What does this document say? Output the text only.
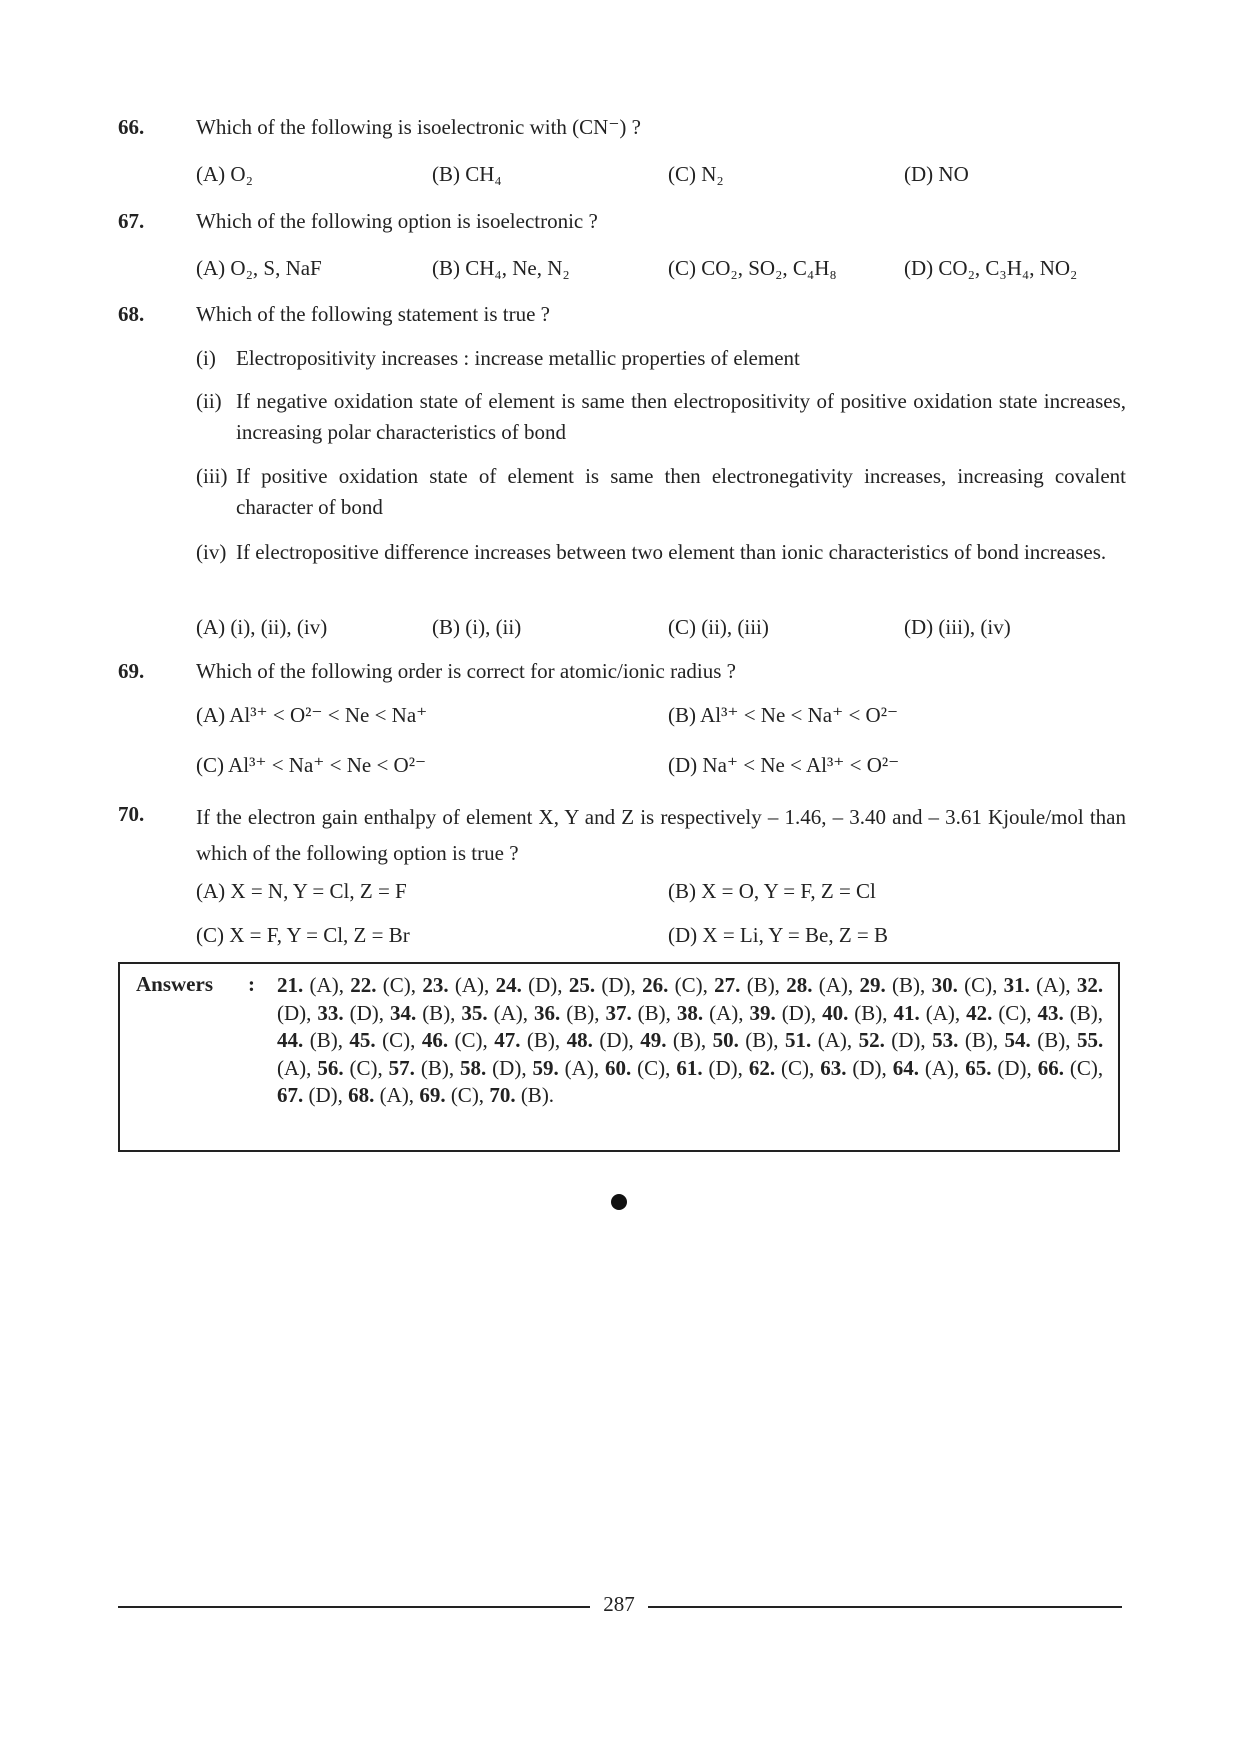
66.	Which of the following is isoelectronic with (CN⁻) ?
(A) O₂	(B) CH₄	(C) N₂	(D) NO
67.	Which of the following option is isoelectronic ?
(A) O₂, S, NaF	(B) CH₄, Ne, N₂	(C) CO₂, SO₂, C₄H₈	(D) CO₂, C₃H₄, NO₂
68.	Which of the following statement is true ?
(i) Electropositivity increases : increase metallic properties of element
(ii) If negative oxidation state of element is same then electropositivity of positive oxidation state increases, increasing polar characteristics of bond
(iii) If positive oxidation state of element is same then electronegativity increases, increasing covalent character of bond
(iv) If electropositive difference increases between two element than ionic characteristics of bond increases.
(A) (i), (ii), (iv)	(B) (i), (ii)	(C) (ii), (iii)	(D) (iii), (iv)
69.	Which of the following order is correct for atomic/ionic radius ?
(A) Al³⁺ < O²⁻ < Ne < Na⁺	(B) Al³⁺ < Ne < Na⁺ < O²⁻
(C) Al³⁺ < Na⁺ < Ne < O²⁻	(D) Na⁺ < Ne < Al³⁺ < O²⁻
70.	If the electron gain enthalpy of element X, Y and Z is respectively – 1.46, – 3.40 and – 3.61 Kjoule/mol than which of the following option is true ?
(A) X = N, Y = Cl, Z = F	(B) X = O, Y = F, Z = Cl
(C) X = F, Y = Cl, Z = Br	(D) X = Li, Y = Be, Z = B
Answers : 21. (A), 22. (C), 23. (A), 24. (D), 25. (D), 26. (C), 27. (B), 28. (A), 29. (B), 30. (C), 31. (A), 32. (D), 33. (D), 34. (B), 35. (A), 36. (B), 37. (B), 38. (A), 39. (D), 40. (B), 41. (A), 42. (C), 43. (B), 44. (B), 45. (C), 46. (C), 47. (B), 48. (D), 49. (B), 50. (B), 51. (A), 52. (D), 53. (B), 54. (B), 55. (A), 56. (C), 57. (B), 58. (D), 59. (A), 60. (C), 61. (D), 62. (C), 63. (D), 64. (A), 65. (D), 66. (C), 67. (D), 68. (A), 69. (C), 70. (B).
287
